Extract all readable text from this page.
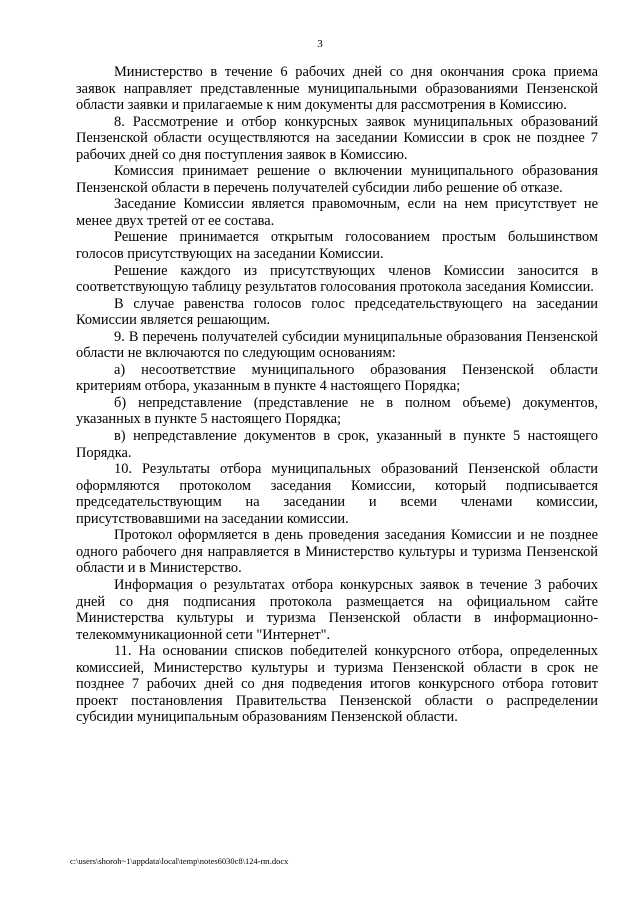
3

Министерство в течение 6 рабочих дней со дня окончания срока приема заявок направляет представленные муниципальными образованиями Пензенской области заявки и прилагаемые к ним документы для рассмотрения в Комиссию.

8. Рассмотрение и отбор конкурсных заявок муниципальных образований Пензенской области осуществляются на заседании Комиссии в срок не позднее 7 рабочих дней со дня поступления заявок в Комиссию.

Комиссия принимает решение о включении муниципального образования Пензенской области в перечень получателей субсидии либо решение об отказе.

Заседание Комиссии является правомочным, если на нем присутствует не менее двух третей от ее состава.

Решение принимается открытым голосованием простым большинством голосов присутствующих на заседании Комиссии.

Решение каждого из присутствующих членов Комиссии заносится в соответствующую таблицу результатов голосования протокола заседания Комиссии.

В случае равенства голосов голос председательствующего на заседании Комиссии является решающим.

9. В перечень получателей субсидии муниципальные образования Пензенской области не включаются по следующим основаниям:

а) несоответствие муниципального образования Пензенской области критериям отбора, указанным в пункте 4 настоящего Порядка;

б) непредставление (представление не в полном объеме) документов, указанных в пункте 5 настоящего Порядка;

в) непредставление документов в срок, указанный в пункте 5 настоящего Порядка.

10. Результаты отбора муниципальных образований Пензенской области оформляются протоколом заседания Комиссии, который подписывается председательствующим на заседании и всеми членами комиссии, присутствовавшими на заседании комиссии.

Протокол оформляется в день проведения заседания Комиссии и не позднее одного рабочего дня направляется в Министерство культуры и туризма Пензенской области и в Министерство.

Информация о результатах отбора конкурсных заявок в течение 3 рабочих дней со дня подписания протокола размещается на официальном сайте Министерства культуры и туризма Пензенской области в информационно-телекоммуникационной сети "Интернет".

11. На основании списков победителей конкурсного отбора, определенных комиссией, Министерство культуры и туризма Пензенской области в срок не позднее 7 рабочих дней со дня подведения итогов конкурсного отбора готовит проект постановления Правительства Пензенской области о распределении субсидии муниципальным образованиям Пензенской области.

c:\users\shoroh~1\appdata\local\temp\notes6030c8\124-пп.docx
